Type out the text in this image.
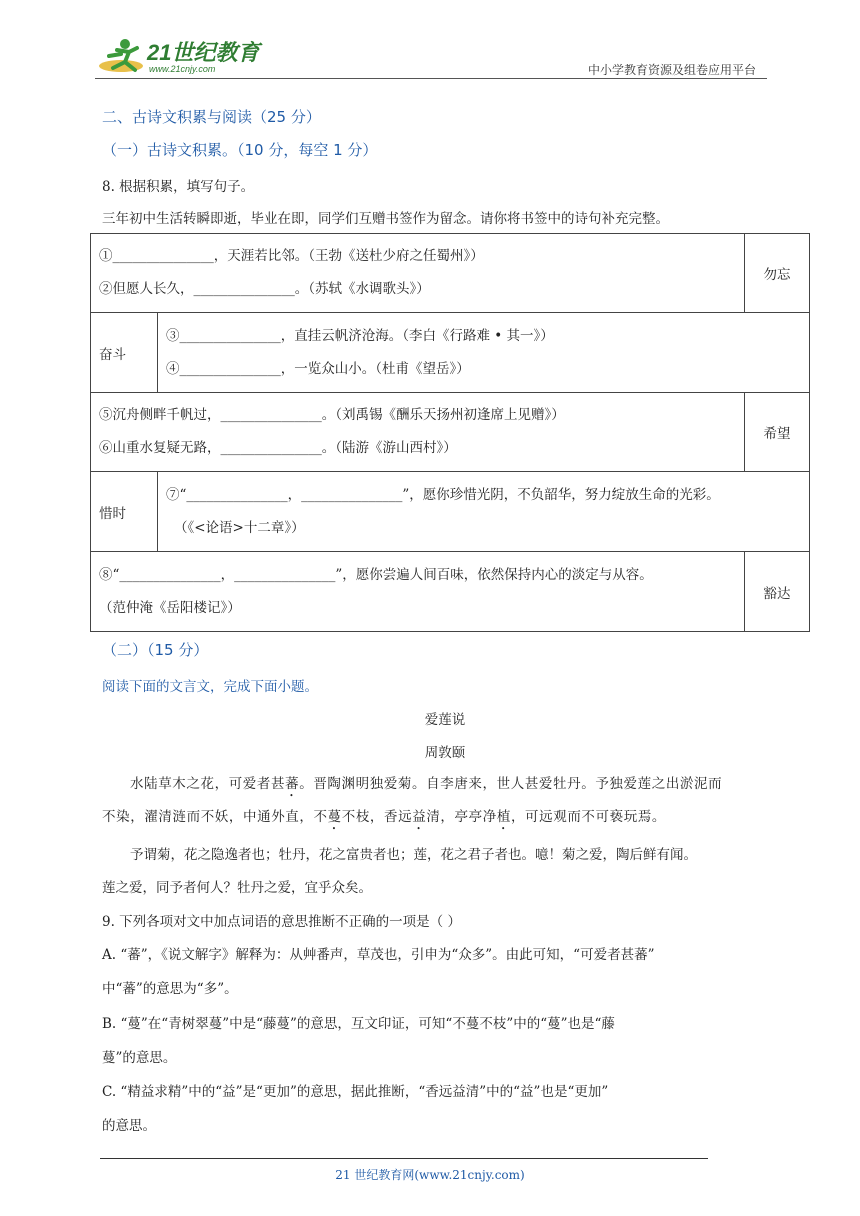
21世纪教育
www.21cnjy.com	中小学教育资源及组卷应用平台
二、古诗文积累与阅读（25 分）
（一）古诗文积累。（10 分，每空 1 分）
8. 根据积累，填写句子。
三年初中生活转瞬即逝，毕业在即，同学们互赠书签作为留念。请你将书签中的诗句补充完整。
①_______________，天涯若比邻。（王勃《送杜少府之任蜀州》）
②但愿人长久，_______________。（苏轼《水调歌头》）		勿忘
奋斗	③_______________，直挂云帆济沧海。（李白《行路难 • 其一》）
④_______________，一览众山小。（杜甫《望岳》）	

⑤沉舟侧畔千帆过，_______________。（刘禹锡《酬乐天扬州初逢席上见赠》）
⑥山重水复疑无路，_______________。（陆游《游山西村》）		希望
惜时	⑦“_______________，_______________”，愿你珍惜光阴，不负韶华，努力绽放生命的光彩。
（《<论语>十二章》）	

⑧“_______________，_______________”，愿你尝遍人间百味，依然保持内心的淡定与从容。
（范仲淹《岳阳楼记》）		豁达
（二）（15 分）
阅读下面的文言文，完成下面小题。
爱莲说
周敦颐
水陆草木之花，可爱者甚蕃。晋陶渊明独爱菊。自李唐来，世人甚爱牡丹。予独爱莲之出淤泥而
不染，濯清涟而不妖，中通外直，不蔓不枝，香远益清，亭亭净植，可远观而不可亵玩焉。
予谓菊，花之隐逸者也；牡丹，花之富贵者也；莲，花之君子者也。噫！菊之爱，陶后鲜有闻。
莲之爱，同予者何人？牡丹之爱，宜乎众矣。
9. 下列各项对文中加点词语的意思推断不正确的一项是（ ）
A. “蕃”，《说文解字》解释为：从艸番声，草茂也，引申为“众多”。由此可知，“可爱者甚蕃”
中“蕃”的意思为“多”。
B. “蔓”在“青树翠蔓”中是“藤蔓”的意思，互文印证，可知“不蔓不枝”中的“蔓”也是“藤
蔓”的意思。
C. “精益求精”中的“益”是“更加”的意思，据此推断，“香远益清”中的“益”也是“更加”
的意思。
21 世纪教育网(www.21cnjy.com)
